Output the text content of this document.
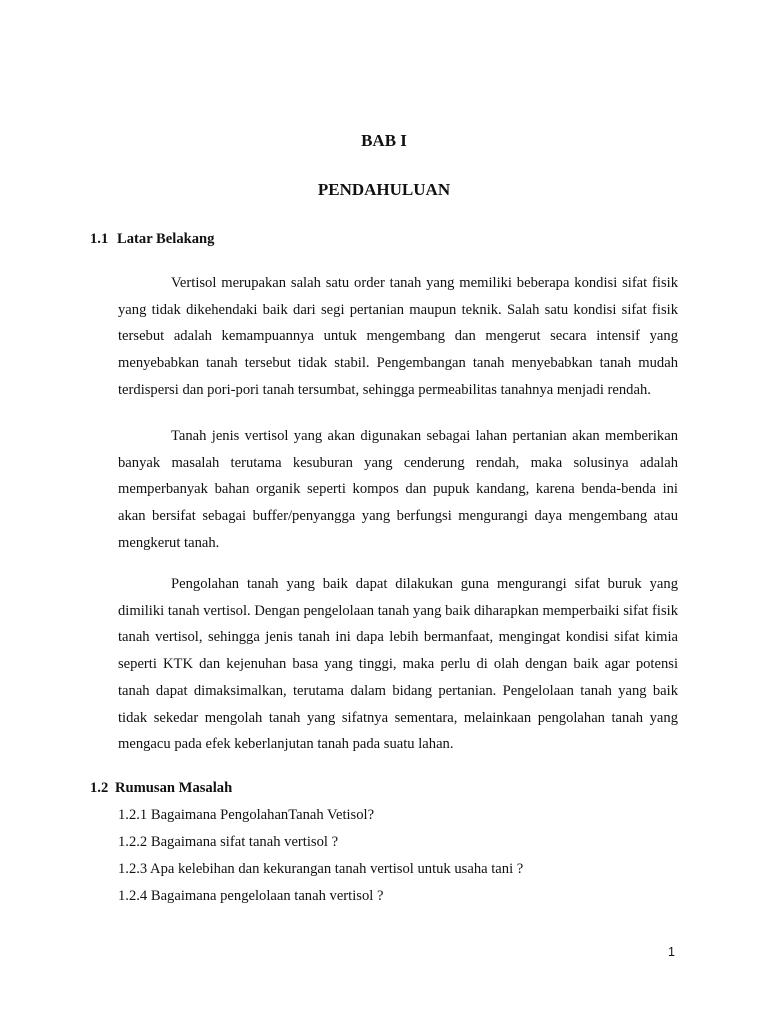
BAB I
PENDAHULUAN
1.1 Latar Belakang

Vertisol merupakan salah satu order tanah yang memiliki beberapa kondisi sifat fisik yang tidak dikehendaki baik dari segi pertanian maupun teknik. Salah satu kondisi sifat fisik tersebut adalah kemampuannya untuk mengembang dan mengerut secara intensif yang menyebabkan tanah tersebut tidak stabil. Pengembangan tanah menyebabkan tanah mudah terdispersi dan pori-pori tanah tersumbat, sehingga permeabilitas tanahnya menjadi rendah.

Tanah jenis vertisol yang akan digunakan sebagai lahan pertanian akan memberikan banyak masalah terutama kesuburan yang cenderung rendah, maka solusinya adalah memperbanyak bahan organik seperti kompos dan pupuk kandang, karena benda-benda ini akan bersifat sebagai buffer/penyangga yang berfungsi mengurangi daya mengembang atau mengkerut tanah.

Pengolahan tanah yang baik dapat dilakukan guna mengurangi sifat buruk yang dimiliki tanah vertisol. Dengan pengelolaan tanah yang baik diharapkan memperbaiki sifat fisik tanah vertisol, sehingga jenis tanah ini dapa lebih bermanfaat, mengingat kondisi sifat kimia seperti KTK dan kejenuhan basa yang tinggi, maka perlu di olah dengan baik agar potensi tanah dapat dimaksimalkan, terutama dalam bidang pertanian. Pengelolaan tanah yang baik tidak sekedar mengolah tanah yang sifatnya sementara, melainkaan pengolahan tanah yang mengacu pada efek keberlanjutan tanah pada suatu lahan.

1.2 Rumusan Masalah
1.2.1 Bagaimana PengolahanTanah Vetisol?
1.2.2 Bagaimana sifat tanah vertisol ?
1.2.3 Apa kelebihan dan kekurangan tanah vertisol untuk usaha tani ?
1.2.4 Bagaimana pengelolaan tanah vertisol ?
1
